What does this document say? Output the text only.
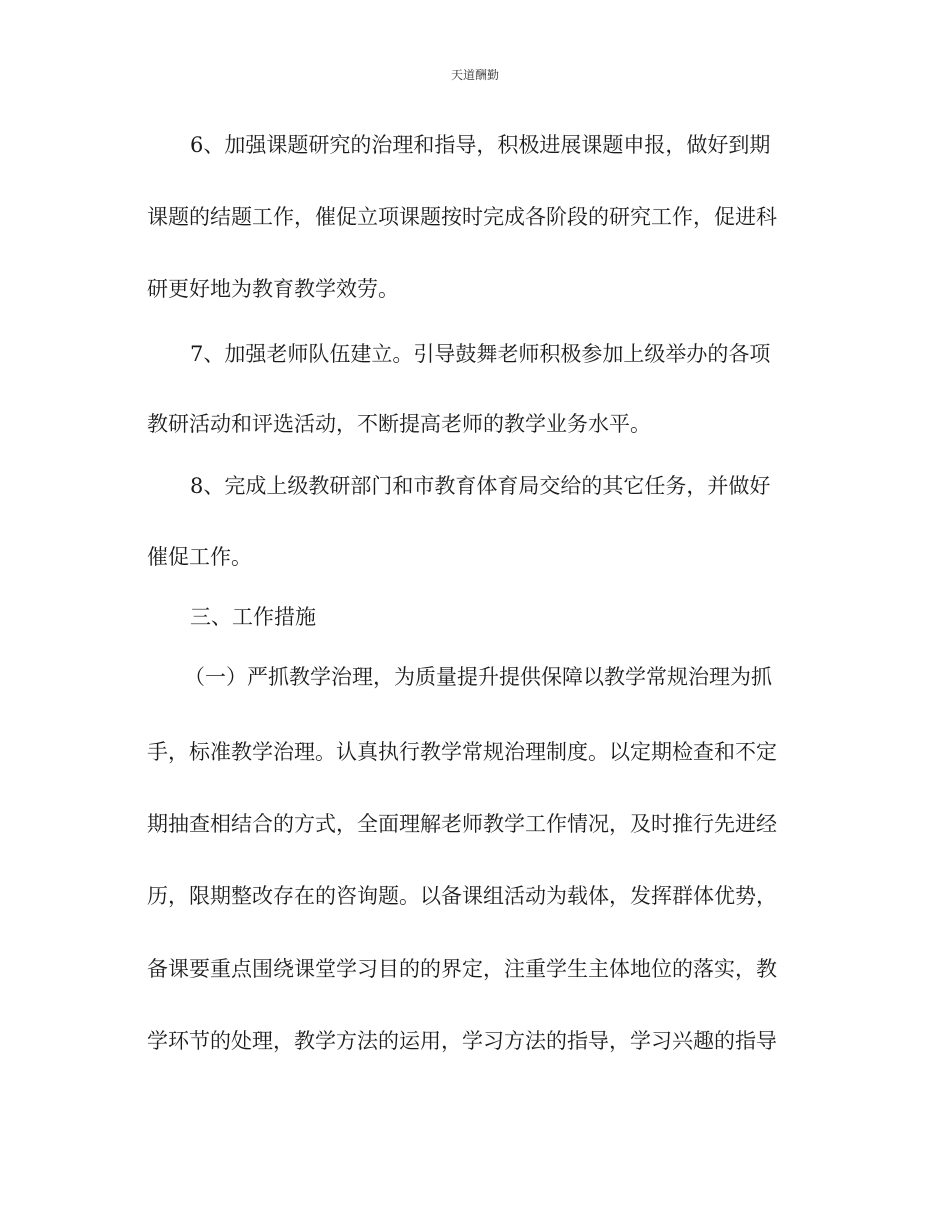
天道酬勤
6、加强课题研究的治理和指导，积极进展课题申报，做好到期
课题的结题工作，催促立项课题按时完成各阶段的研究工作，促进科
研更好地为教育教学效劳。
7、加强老师队伍建立。引导鼓舞老师积极参加上级举办的各项
教研活动和评选活动，不断提高老师的教学业务水平。
8、完成上级教研部门和市教育体育局交给的其它任务，并做好
催促工作。
三、工作措施
（一）严抓教学治理，为质量提升提供保障以教学常规治理为抓
手，标准教学治理。认真执行教学常规治理制度。以定期检查和不定
期抽查相结合的方式，全面理解老师教学工作情况，及时推行先进经
历，限期整改存在的咨询题。以备课组活动为载体，发挥群体优势，
备课要重点围绕课堂学习目的的界定，注重学生主体地位的落实，教
学环节的处理，教学方法的运用，学习方法的指导，学习兴趣的指导
